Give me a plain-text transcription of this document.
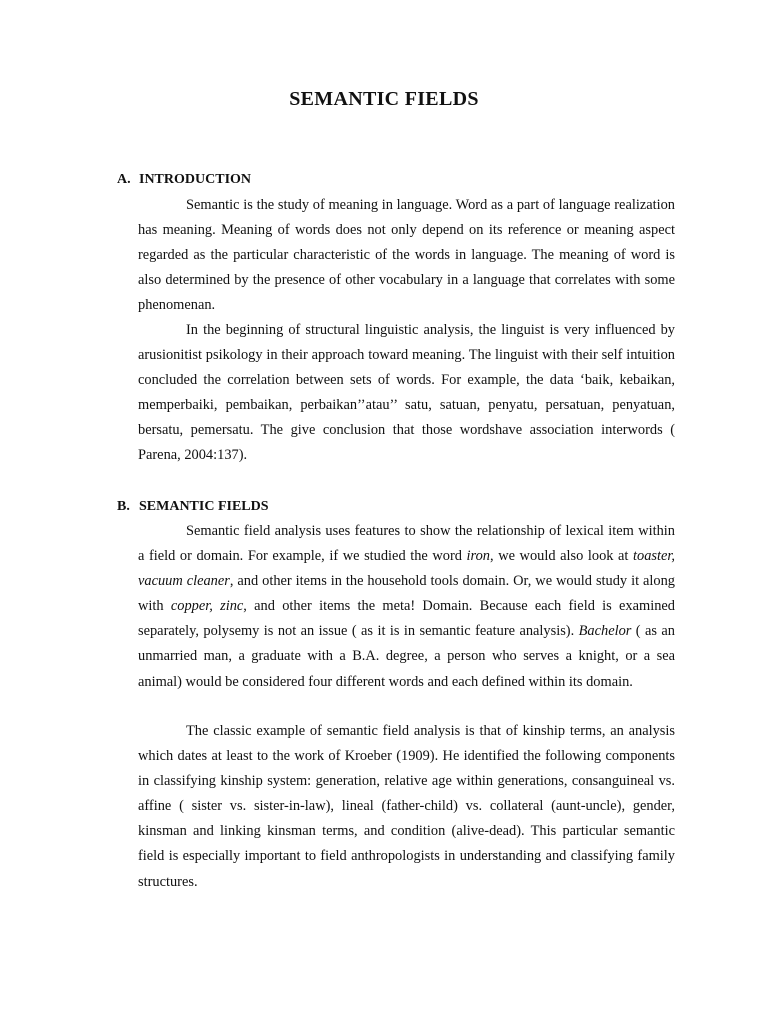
SEMANTIC FIELDS
A. INTRODUCTION

Semantic is the study of meaning in language. Word as a part of language realization has meaning. Meaning of words does not only depend on its reference or meaning aspect regarded as the particular characteristic of the words in language. The meaning of word is also determined by the presence of other vocabulary in a language that correlates with some phenomenan.

In the beginning of structural linguistic analysis, the linguist is very influenced by arusionitist psikology in their approach toward meaning. The linguist with their self intuition concluded the correlation between sets of words. For example, the data ‘baik, kebaikan, memperbaiki, pembaikan, perbaikan’’atau’’ satu, satuan, penyatu, persatuan, penyatuan, bersatu, pemersatu. The give conclusion that those wordshave association interwords ( Parena, 2004:137).

B. SEMANTIC FIELDS

Semantic field analysis uses features to show the relationship of lexical item within a field or domain. For example, if we studied the word iron, we would also look at toaster, vacuum cleaner, and other items in the household tools domain. Or, we would study it along with copper, zinc, and other items the meta! Domain. Because each field is examined separately, polysemy is not an issue ( as it is in semantic feature analysis). Bachelor ( as an unmarried man, a graduate with a B.A. degree, a person who serves a knight, or a sea animal) would be considered four different words and each defined within its domain.

The classic example of semantic field analysis is that of kinship terms, an analysis which dates at least to the work of Kroeber (1909). He identified the following components in classifying kinship system: generation, relative age within generations, consanguineal vs. affine ( sister vs. sister-in-law), lineal (father-child) vs. collateral (aunt-uncle), gender, kinsman and linking kinsman terms, and condition (alive-dead). This particular semantic field is especially important to field anthropologists in understanding and classifying family structures.
